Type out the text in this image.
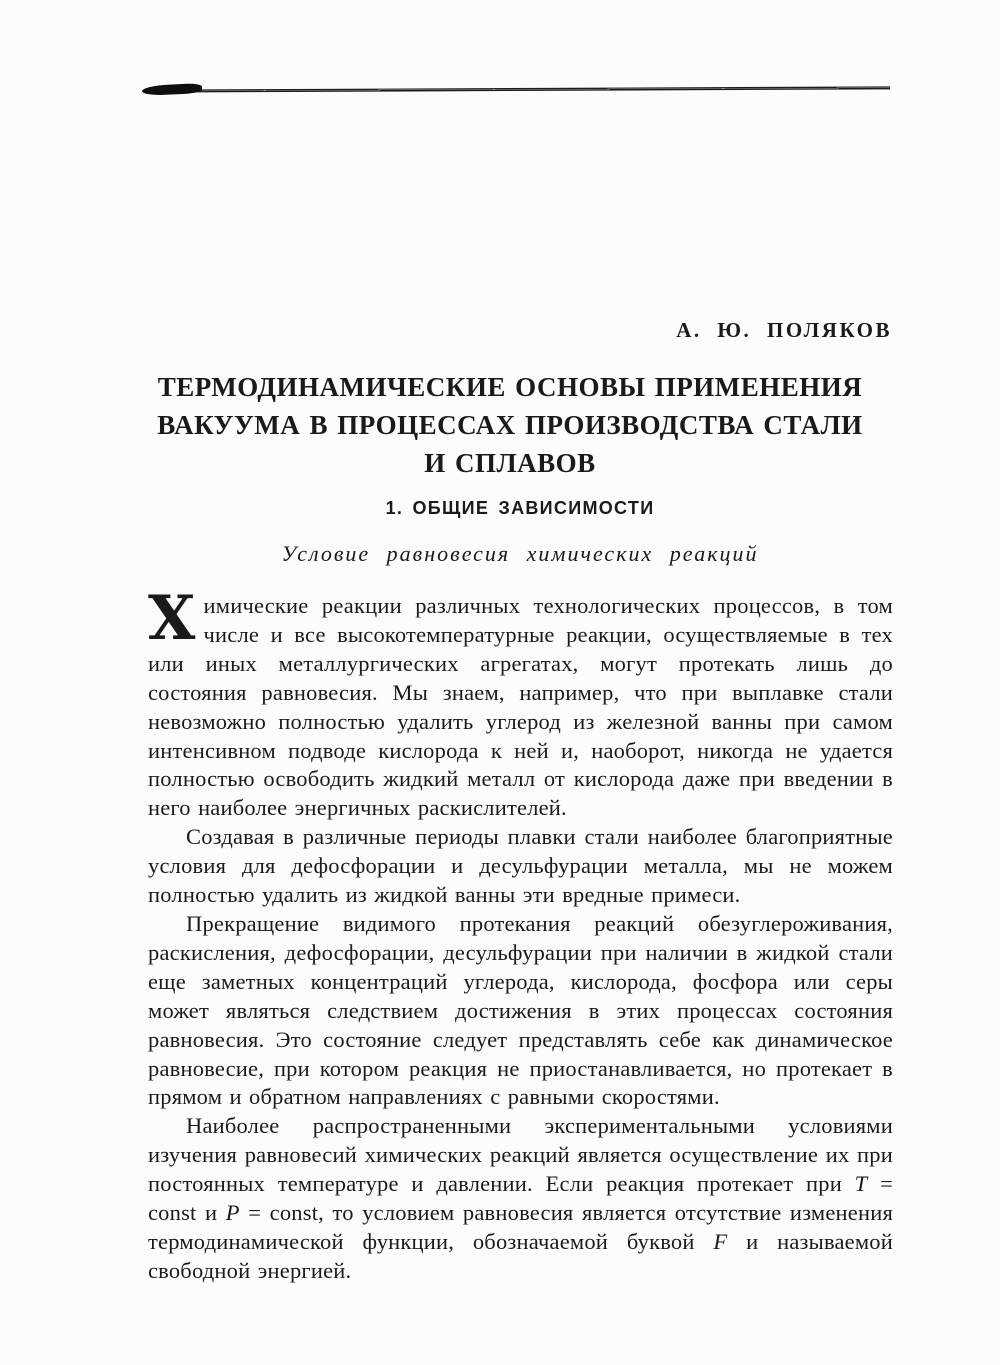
А. Ю. ПОЛЯКОВ
ТЕРМОДИНАМИЧЕСКИЕ ОСНОВЫ ПРИМЕНЕНИЯ
ВАКУУМА В ПРОЦЕССАХ ПРОИЗВОДСТВА СТАЛИ
И СПЛАВОВ
1. ОБЩИЕ ЗАВИСИМОСТИ
Условие равновесия химических реакций

Химические реакции различных технологических процессов, в том числе и все высокотемпературные реакции, осуществляемые в тех или иных металлургических агрегатах, могут протекать лишь до состояния равновесия. Мы знаем, например, что при выплавке стали невозможно полностью удалить углерод из железной ванны при самом интенсивном подводе кислорода к ней и, наоборот, никогда не удается полностью освободить жидкий металл от кислорода даже при введении в него наиболее энергичных раскислителей.

Создавая в различные периоды плавки стали наиболее благоприятные условия для дефосфорации и десульфурации металла, мы не можем полностью удалить из жидкой ванны эти вредные примеси.

Прекращение видимого протекания реакций обезуглероживания, раскисления, дефосфорации, десульфурации при наличии в жидкой стали еще заметных концентраций углерода, кислорода, фосфора или серы может являться следствием достижения в этих процессах состояния равновесия. Это состояние следует представлять себе как динамическое равновесие, при котором реакция не приостанавливается, но протекает в прямом и обратном направлениях с равными скоростями.

Наиболее распространенными экспериментальными условиями изучения равновесий химических реакций является осуществление их при постоянных температуре и давлении. Если реакция протекает при T = const и P = const, то условием равновесия является отсутствие изменения термодинамической функции, обозначаемой буквой F и называемой свободной энергией.
